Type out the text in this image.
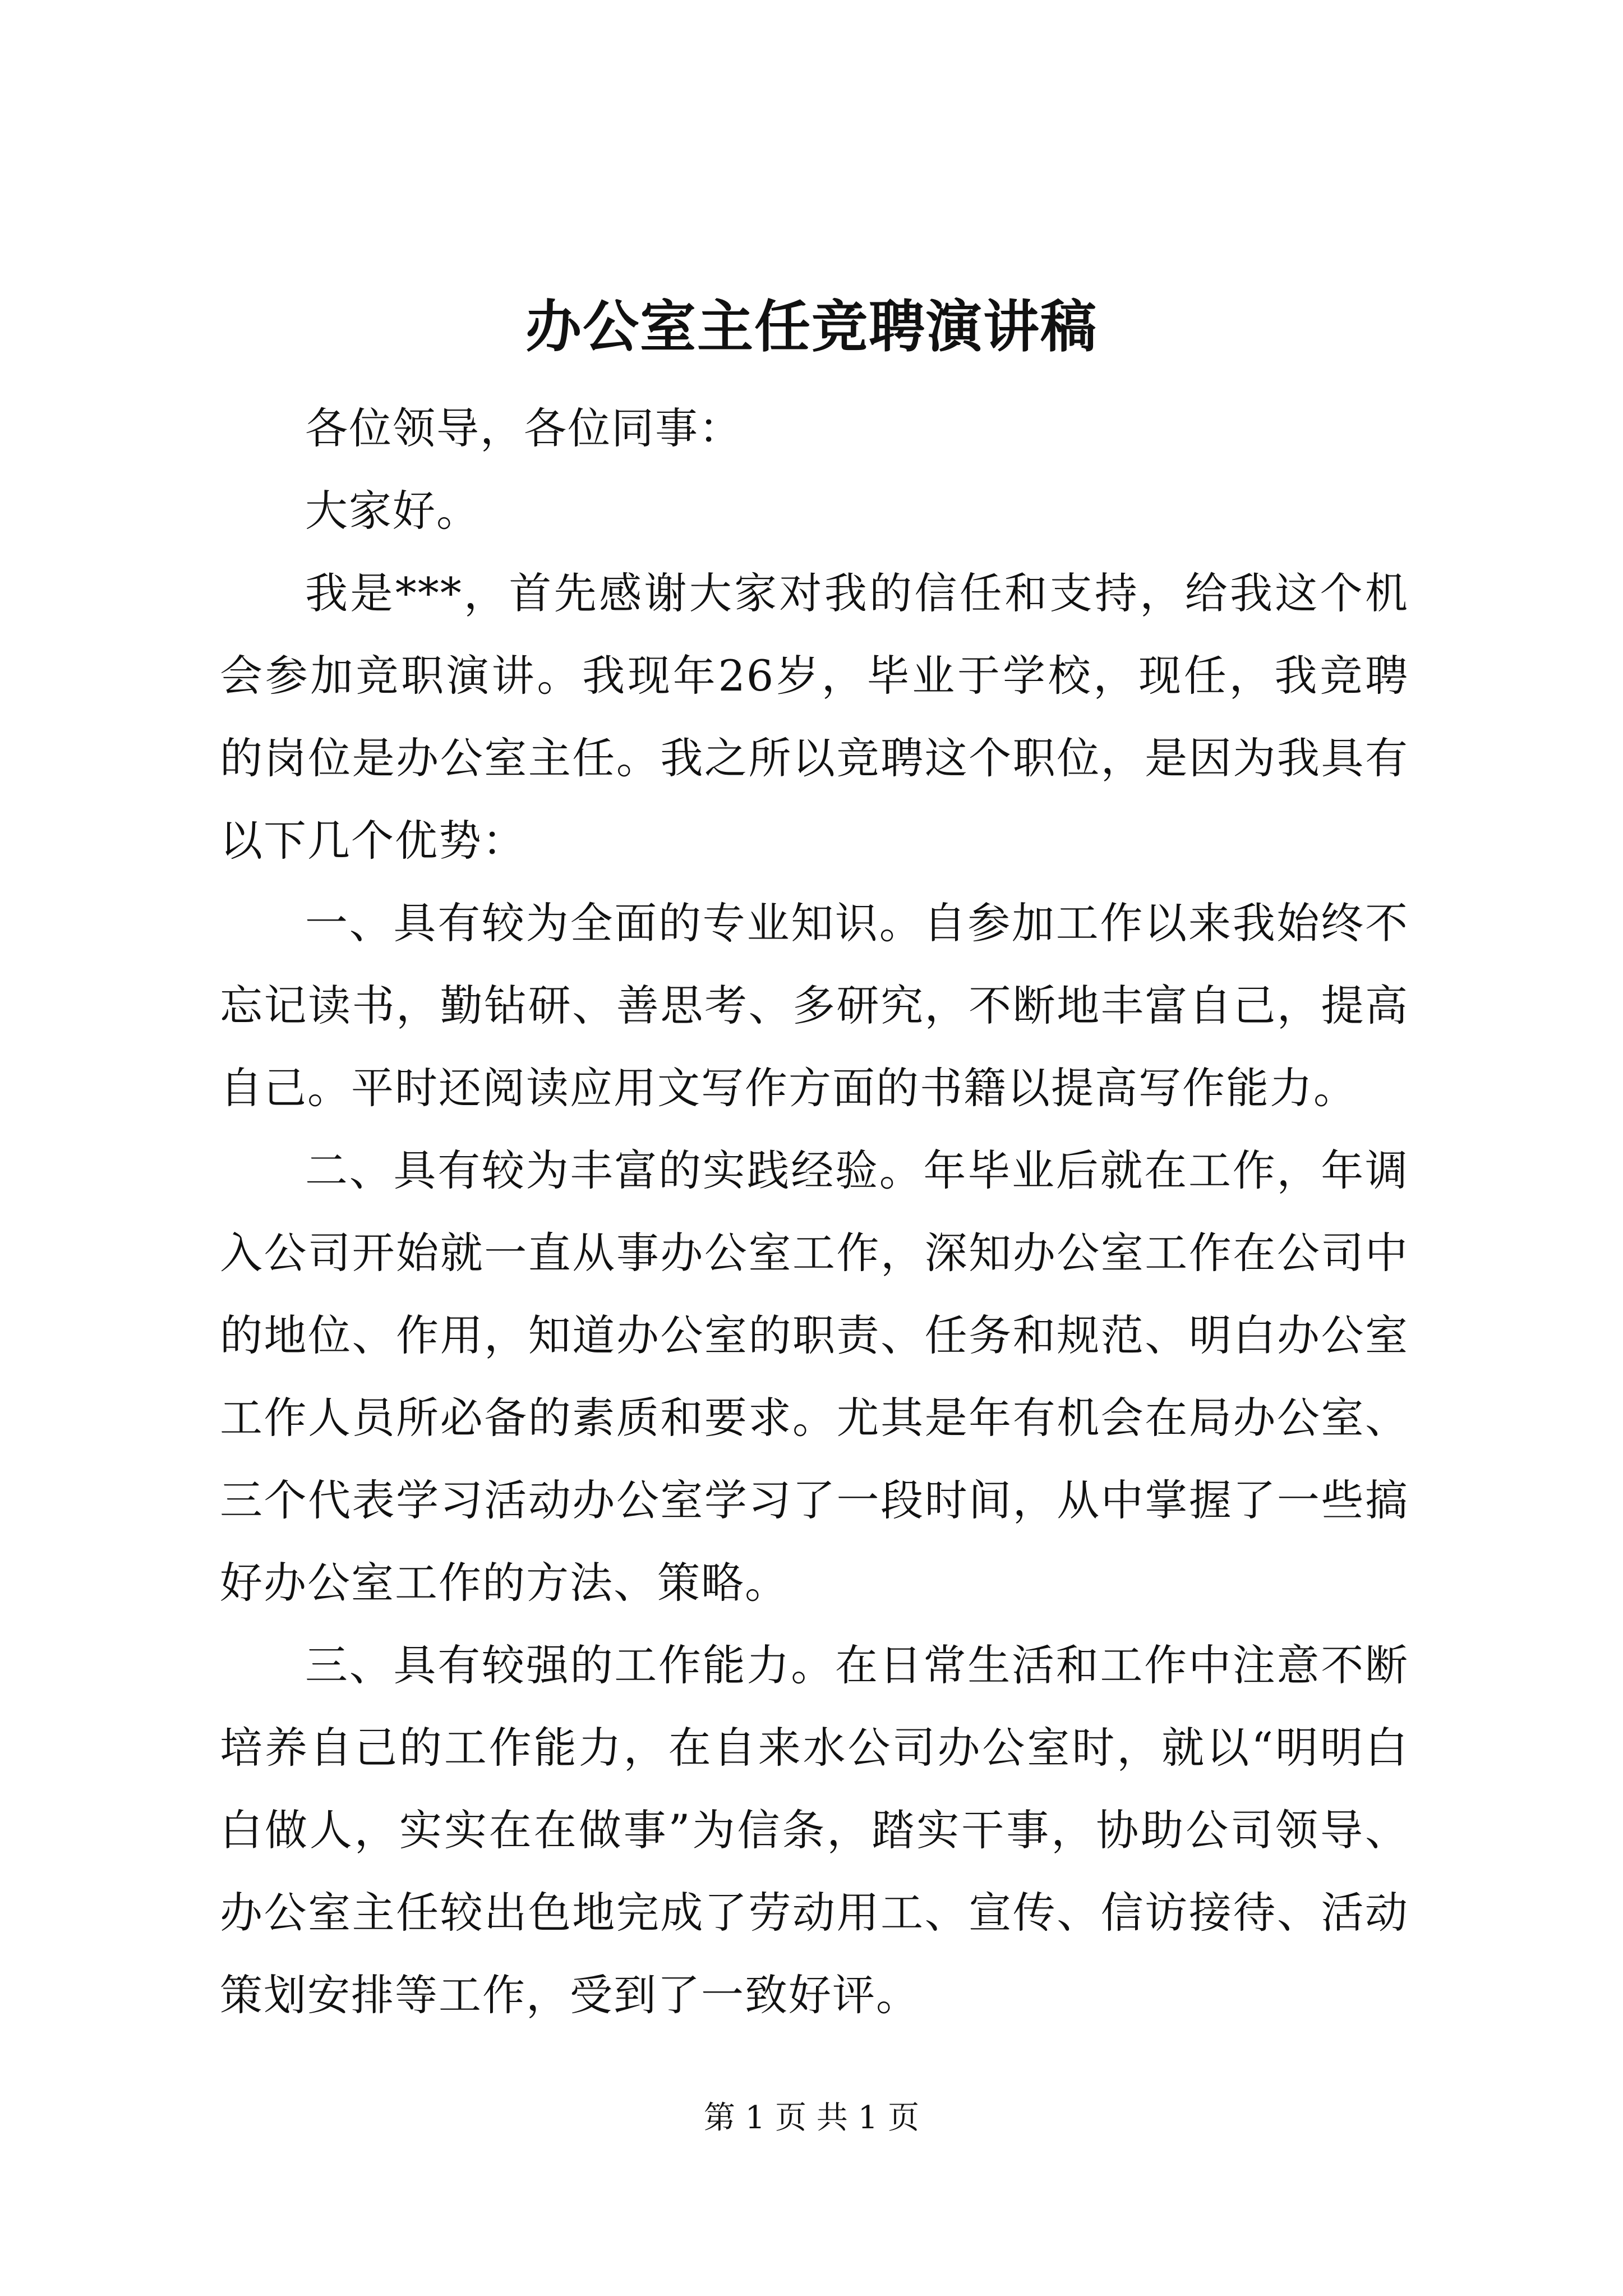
办公室主任竞聘演讲稿

各位领导，各位同事：

大家好。

我是***，首先感谢大家对我的信任和支持，给我这个机会参加竞职演讲。我现年26岁，毕业于学校，现任，我竞聘的岗位是办公室主任。我之所以竞聘这个职位，是因为我具有以下几个优势：

一、具有较为全面的专业知识。自参加工作以来我始终不忘记读书，勤钻研、善思考、多研究，不断地丰富自己，提高自己。平时还阅读应用文写作方面的书籍以提高写作能力。

二、具有较为丰富的实践经验。年毕业后就在工作，年调入公司开始就一直从事办公室工作，深知办公室工作在公司中的地位、作用，知道办公室的职责、任务和规范、明白办公室工作人员所必备的素质和要求。尤其是年有机会在局办公室、三个代表学习活动办公室学习了一段时间，从中掌握了一些搞好办公室工作的方法、策略。

三、具有较强的工作能力。在日常生活和工作中注意不断培养自己的工作能力，在自来水公司办公室时，就以“明明白白做人，实实在在做事”为信条，踏实干事，协助公司领导、办公室主任较出色地完成了劳动用工、宣传、信访接待、活动策划安排等工作，受到了一致好评。

第 1 页 共 1 页
